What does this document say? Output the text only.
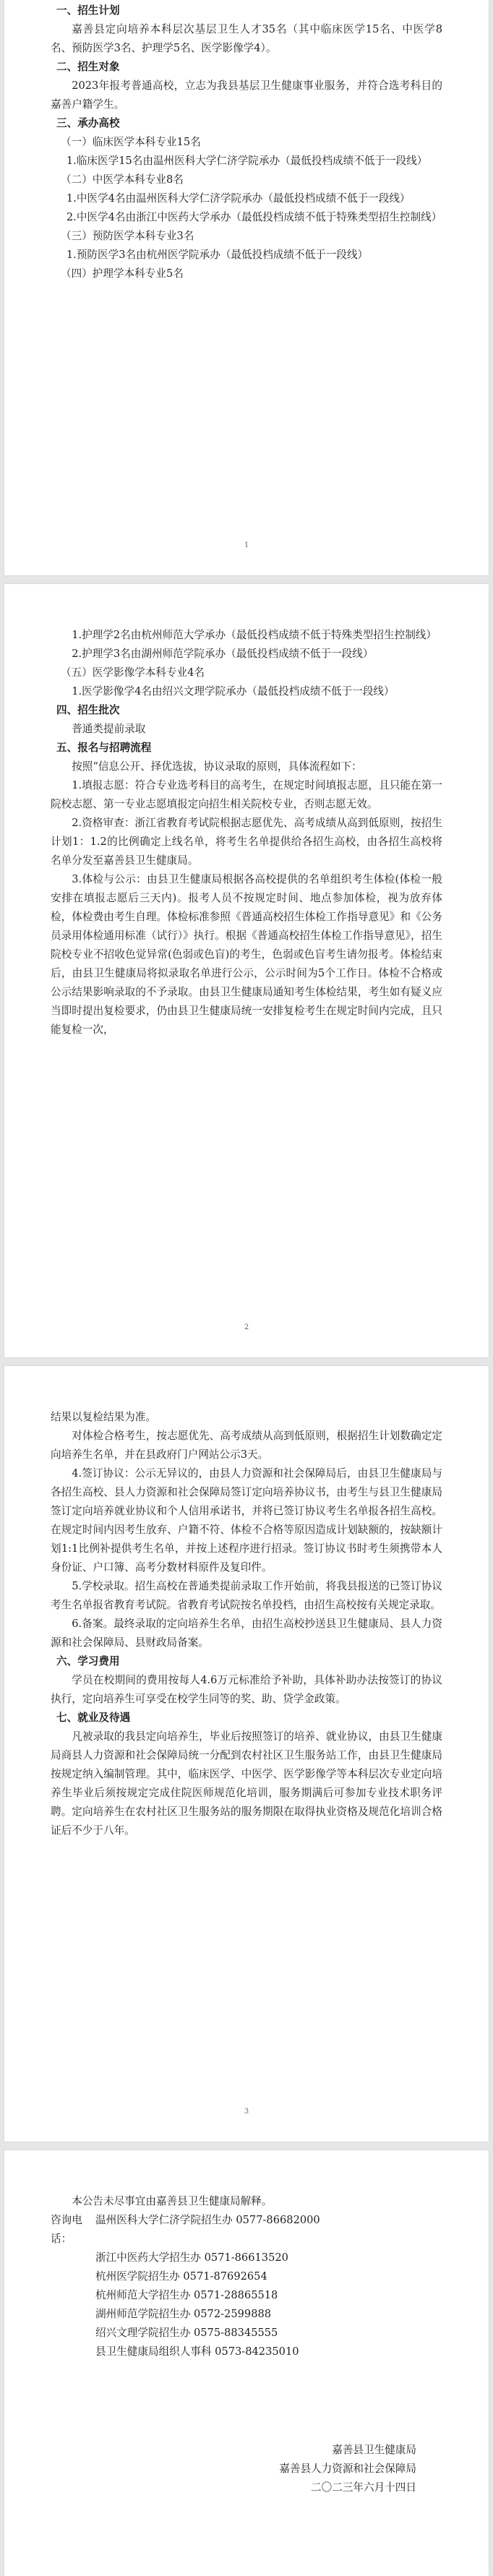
一、招生计划

嘉善县定向培养本科层次基层卫生人才35名（其中临床医学15名、中医学8名、预防医学3名、护理学5名、医学影像学4）。

二、招生对象

2023年报考普通高校，立志为我县基层卫生健康事业服务，并符合选考科目的嘉善户籍学生。

三、承办高校

（一）临床医学本科专业15名

1.临床医学15名由温州医科大学仁济学院承办（最低投档成绩不低于一段线）

（二）中医学本科专业8名

1.中医学4名由温州医科大学仁济学院承办（最低投档成绩不低于一段线）

2.中医学4名由浙江中医药大学承办（最低投档成绩不低于特殊类型招生控制线）

（三）预防医学本科专业3名

1.预防医学3名由杭州医学院承办（最低投档成绩不低于一段线）

（四）护理学本科专业5名

1

1.护理学2名由杭州师范大学承办（最低投档成绩不低于特殊类型招生控制线）

2.护理学3名由湖州师范学院承办（最低投档成绩不低于一段线）

（五）医学影像学本科专业4名

1.医学影像学4名由绍兴文理学院承办（最低投档成绩不低于一段线）

四、招生批次

普通类提前录取

五、报名与招聘流程

按照“信息公开、择优选拔，协议录取的原则，具体流程如下：

1.填报志愿：符合专业选考科目的高考生，在规定时间填报志愿，且只能在第一院校志愿、第一专业志愿填报定向招生相关院校专业，否则志愿无效。

2.资格审查：浙江省教育考试院根据志愿优先、高考成绩从高到低原则，按招生计划1：1.2的比例确定上线名单，将考生名单提供给各招生高校，由各招生高校将名单分发至嘉善县卫生健康局。

3.体检与公示：由县卫生健康局根据各高校提供的名单组织考生体检(体检一般安排在填报志愿后三天内)。报考人员不按规定时间、地点参加体检，视为放弃体检，体检费由考生自理。体检标准参照《普通高校招生体检工作指导意见》和《公务员录用体检通用标准（试行）》执行。根据《普通高校招生体检工作指导意见》，招生院校专业不招收色觉异常(色弱或色盲)的考生，色弱或色盲考生请勿报考。体检结束后，由县卫生健康局将拟录取名单进行公示，公示时间为5个工作日。体检不合格或公示结果影响录取的不予录取。由县卫生健康局通知考生体检结果，考生如有疑义应当即时提出复检要求，仍由县卫生健康局统一安排复检考生在规定时间内完成，且只能复检一次，

2

结果以复检结果为准。

对体检合格考生，按志愿优先、高考成绩从高到低原则，根据招生计划数确定定向培养生名单，并在县政府门户网站公示3天。

4.签订协议：公示无异议的，由县人力资源和社会保障局后，由县卫生健康局与各招生高校、县人力资源和社会保障局签订定向培养协议书，由考生与县卫生健康局签订定向培养就业协议和个人信用承诺书，并将已签订协议考生名单报各招生高校。在规定时间内因考生放弃、户籍不符、体检不合格等原因造成计划缺额的，按缺额计划1:1比例补提供考生名单，并按上述程序进行招录。签订协议书时考生须携带本人身份证、户口簿、高考分数材料原件及复印件。

5.学校录取。招生高校在普通类提前录取工作开始前，将我县报送的已签订协议考生名单报省教育考试院。省教育考试院按名单投档，由招生高校按有关规定录取。

6.备案。最终录取的定向培养生名单，由招生高校抄送县卫生健康局、县人力资源和社会保障局、县财政局备案。

六、学习费用

学员在校期间的费用按每人4.6万元标准给予补助，具体补助办法按签订的协议执行，定向培养生可享受在校学生同等的奖、助、贷学金政策。

七、就业及待遇

凡被录取的我县定向培养生，毕业后按照签订的培养、就业协议，由县卫生健康局商县人力资源和社会保障局统一分配到农村社区卫生服务站工作，由县卫生健康局按规定纳入编制管理。其中，临床医学、中医学、医学影像学等本科层次专业定向培养生毕业后须按规定完成住院医师规范化培训，服务期满后可参加专业技术职务评聘。定向培养生在农村社区卫生服务站的服务期限在取得执业资格及规范化培训合格证后不少于八年。

3

本公告未尽事宜由嘉善县卫生健康局解释。

咨询电话：
温州医科大学仁济学院招生办 0577-86682000
浙江中医药大学招生办 0571-86613520
杭州医学院招生办 0571-87692654
杭州师范大学招生办 0571-28865518
湖州师范学院招生办 0572-2599888
绍兴文理学院招生办 0575-88345555
县卫生健康局组织人事科 0573-84235010

嘉善县卫生健康局

嘉善县人力资源和社会保障局

二〇二三年六月十四日
